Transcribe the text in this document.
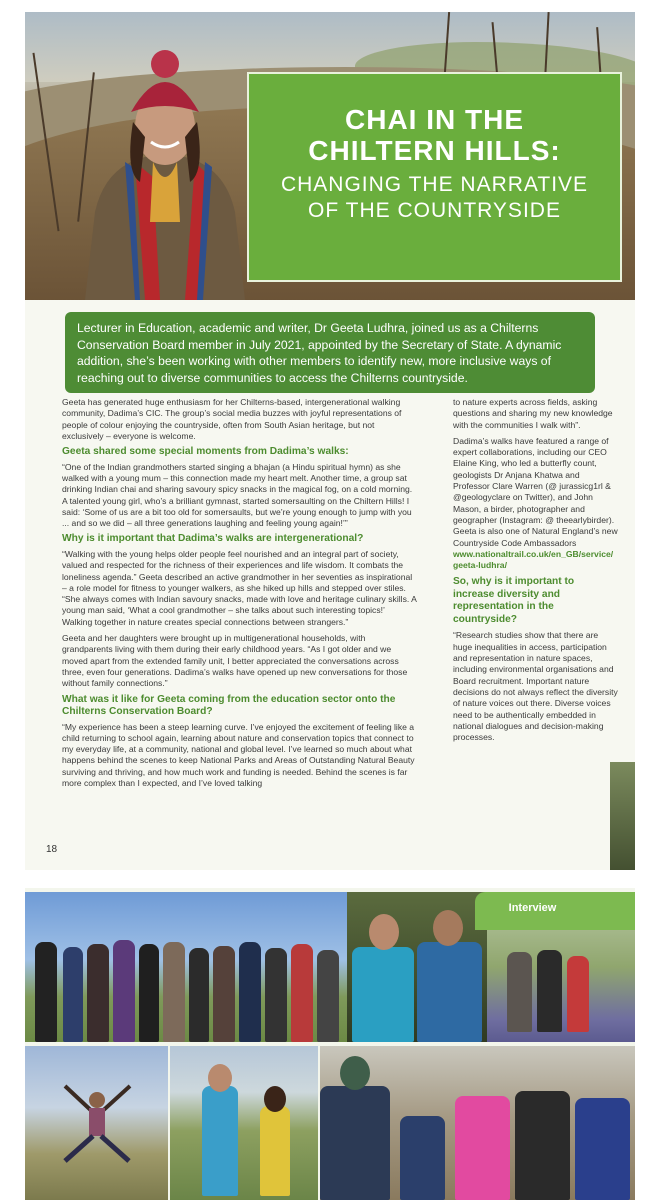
CHAI IN THE
CHILTERN HILLS:
CHANGING THE NARRATIVE
OF THE COUNTRYSIDE
Lecturer in Education, academic and writer, Dr Geeta Ludhra, joined us as a Chilterns Conservation Board member in July 2021, appointed by the Secretary of State. A dynamic addition, she’s been working with other members to identify new, more inclusive ways of reaching out to diverse communities to access the Chilterns countryside.

Geeta has generated huge enthusiasm for her Chilterns-based, intergenerational walking community, Dadima’s CIC. The group’s social media buzzes with joyful representations of people of colour enjoying the countryside, often from South Asian heritage, but not exclusively – everyone is welcome.

Geeta shared some special moments from Dadima’s walks:

“One of the Indian grandmothers started singing a bhajan (a Hindu spiritual hymn) as she walked with a young mum – this connection made my heart melt. Another time, a group sat drinking Indian chai and sharing savoury spicy snacks in the magical fog, on a cold morning. A talented young girl, who’s a brilliant gymnast, started somersaulting on the Chiltern Hills! I said: ‘Some of us are a bit too old for somersaults, but we’re young enough to jump with you ... and so we did – all three generations laughing and feeling young again!’”

Why is it important that Dadima’s walks are intergenerational?

“Walking with the young helps older people feel nourished and an integral part of society, valued and respected for the richness of their experiences and life wisdom. It combats the loneliness agenda.” Geeta described an active grandmother in her seventies as inspirational – a role model for fitness to younger walkers, as she hiked up hills and stepped over stiles. “She always comes with Indian savoury snacks, made with love and heritage culinary skills. A young man said, ‘What a cool grandmother – she talks about such interesting topics!’ Walking together in nature creates special connections between strangers.”

Geeta and her daughters were brought up in multigenerational households, with grandparents living with them during their early childhood years. “As I got older and we moved apart from the extended family unit, I better appreciated the conversations across three, even four generations. Dadima’s walks have opened up new conversations for those without family connections.”

What was it like for Geeta coming from the education sector onto the Chilterns Conservation Board?

“My experience has been a steep learning curve. I’ve enjoyed the excitement of feeling like a child returning to school again, learning about nature and conservation topics that connect to my everyday life, at a community, national and global level. I’ve learned so much about what happens behind the scenes to keep National Parks and Areas of Outstanding Natural Beauty surviving and thriving, and how much work and funding is needed. Behind the scenes is far more complex than I expected, and I’ve loved talking

to nature experts across fields, asking questions and sharing my new knowledge with the communities I walk with”.

Dadima’s walks have featured a range of expert collaborations, including our CEO Elaine King, who led a butterfly count, geologists Dr Anjana Khatwa and Professor Clare Warren (@ jurassicg1rl & @geologyclare on Twitter), and John Mason, a birder, photographer and geographer (Instagram: @ theearlybirder). Geeta is also one of Natural England’s new Countryside Code Ambassadors

www.nationaltrail.co.uk/en_GB/service/geeta-ludhra/

So, why is it important to increase diversity and representation in the countryside?

“Research studies show that there are huge inequalities in access, participation and representation in nature spaces, including environmental organisations and Board recruitment. Important nature decisions do not always reflect the diversity of nature voices out there. Diverse voices need to be authentically embedded in national dialogues and decision-making processes.

18
Interview
